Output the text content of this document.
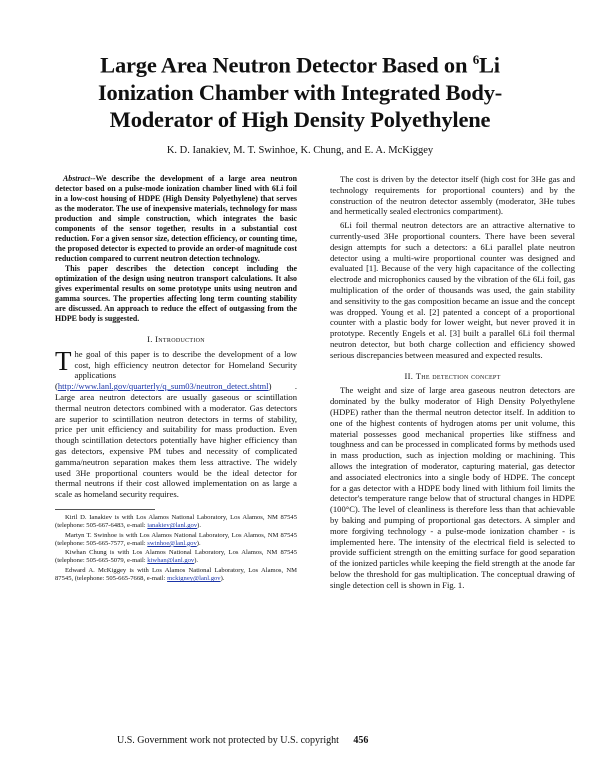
Large Area Neutron Detector Based on $^6$Li
Ionization Chamber with Integrated Body-
Moderator of High Density Polyethylene
K. D. Ianakiev, M. T. Swinhoe, K. Chung, and E. A. McKiggey

Abstract--We describe the development of a large area neutron detector based on a pulse-mode ionization chamber lined with 6Li foil in a low-cost housing of HDPE (High Density Polyethylene) that serves as the moderator. The use of inexpensive materials, technology for mass production and simple construction, which integrates the basic components of the sensor together, results in a substantial cost reduction. For a given sensor size, detection efficiency, or counting time, the proposed detector is expected to provide an order-of magnitude cost reduction compared to current neutron detection technology.

This paper describes the detection concept including the optimization of the design using neutron transport calculations. It also gives experimental results on some prototype units using neutron and gamma sources. The properties affecting long term counting stability are discussed. An approach to reduce the effect of outgassing from the HDPE body is suggested.

I. Introduction

The goal of this paper is to describe the development of a low cost, high efficiency neutron detector for Homeland Security applications (http://www.lanl.gov/quarterly/q_sum03/neutron_detect.shtml) . Large area neutron detectors are usually gaseous or scintillation thermal neutron detectors combined with a moderator. Gas detectors are superior to scintillation neutron detectors in terms of stability, price per unit efficiency and suitability for mass production. Even though scintillation detectors potentially have higher efficiency than gas detectors, expensive PM tubes and necessity of complicated gamma/neutron separation makes them less attractive. The widely used 3He proportional counters would be the ideal detector for thermal neutrons if their cost allowed implementation on as large a scale as homeland security requires.

Kiril D. Ianakiev is with Los Alamos National Laboratory, Los Alamos, NM 87545 (telephone: 505-667-6483, e-mail: ianakiev@lanl.gov).

Martyn T. Swinhoe is with Los Alamos National Laboratory, Los Alamos, NM 87545 (telephone: 505-665-7577, e-mail: swinhoe@lanl.gov).

Kiwhan Chung is with Los Alamos National Laboratory, Los Alamos, NM 87545 (telephone: 505-665-5079, e-mail: kiwhan@lanl.gov).

Edward A. McKiggey is with Los Alamos National Laboratory, Los Alamos, NM 87545, (telephone: 505-665-7668, e-mail: mckigney@lanl.gov).

The cost is driven by the detector itself (high cost for 3He gas and technology requirements for proportional counters) and by the construction of the neutron detector assembly (moderator, 3He tubes and hermetically sealed electronics compartment).

6Li foil thermal neutron detectors are an attractive alternative to currently-used 3He proportional counters. There have been several design attempts for such a detectors: a 6Li parallel plate neutron detector using a multi-wire proportional counter was designed and evaluated [1]. Because of the very high capacitance of the collecting electrode and microphonics caused by the vibration of the 6Li foil, gas multiplication of the order of thousands was used, the gain stability and sensitivity to the gas composition became an issue and the concept was dropped. Young et al. [2] patented a concept of a proportional counter with a plastic body for lower weight, but never proved it in prototype. Recently Engels et al. [3] built a parallel 6Li foil thermal neutron detector, but both charge collection and efficiency showed serious discrepancies between measured and expected results.

II. The detection concept

The weight and size of large area gaseous neutron detectors are dominated by the bulky moderator of High Density Polyethylene (HDPE) rather than the thermal neutron detector itself. In addition to one of the highest contents of hydrogen atoms per unit volume, this material possesses good mechanical properties like stiffness and toughness and can be processed in complicated forms by methods used in mass production, such as injection molding or machining. This allows the integration of moderator, capturing material, gas detector and associated electronics into a single body of HDPE. The concept for a gas detector with a HDPE body lined with lithium foil limits the detector's temperature range below that of structural changes in HDPE (100°C). The level of cleanliness is therefore less than that achievable by baking and pumping of proportional gas detectors. A simpler and more forgiving technology - a pulse-mode ionization chamber - is implemented here. The intensity of the electrical field is selected to provide sufficient strength on the emitting surface for good separation of the ionized particles while keeping the field strength at the anode far below the threshold for gas multiplication. The conceptual drawing of single detection cell is shown in Fig. 1.

U.S. Government work not protected by U.S. copyright 456
